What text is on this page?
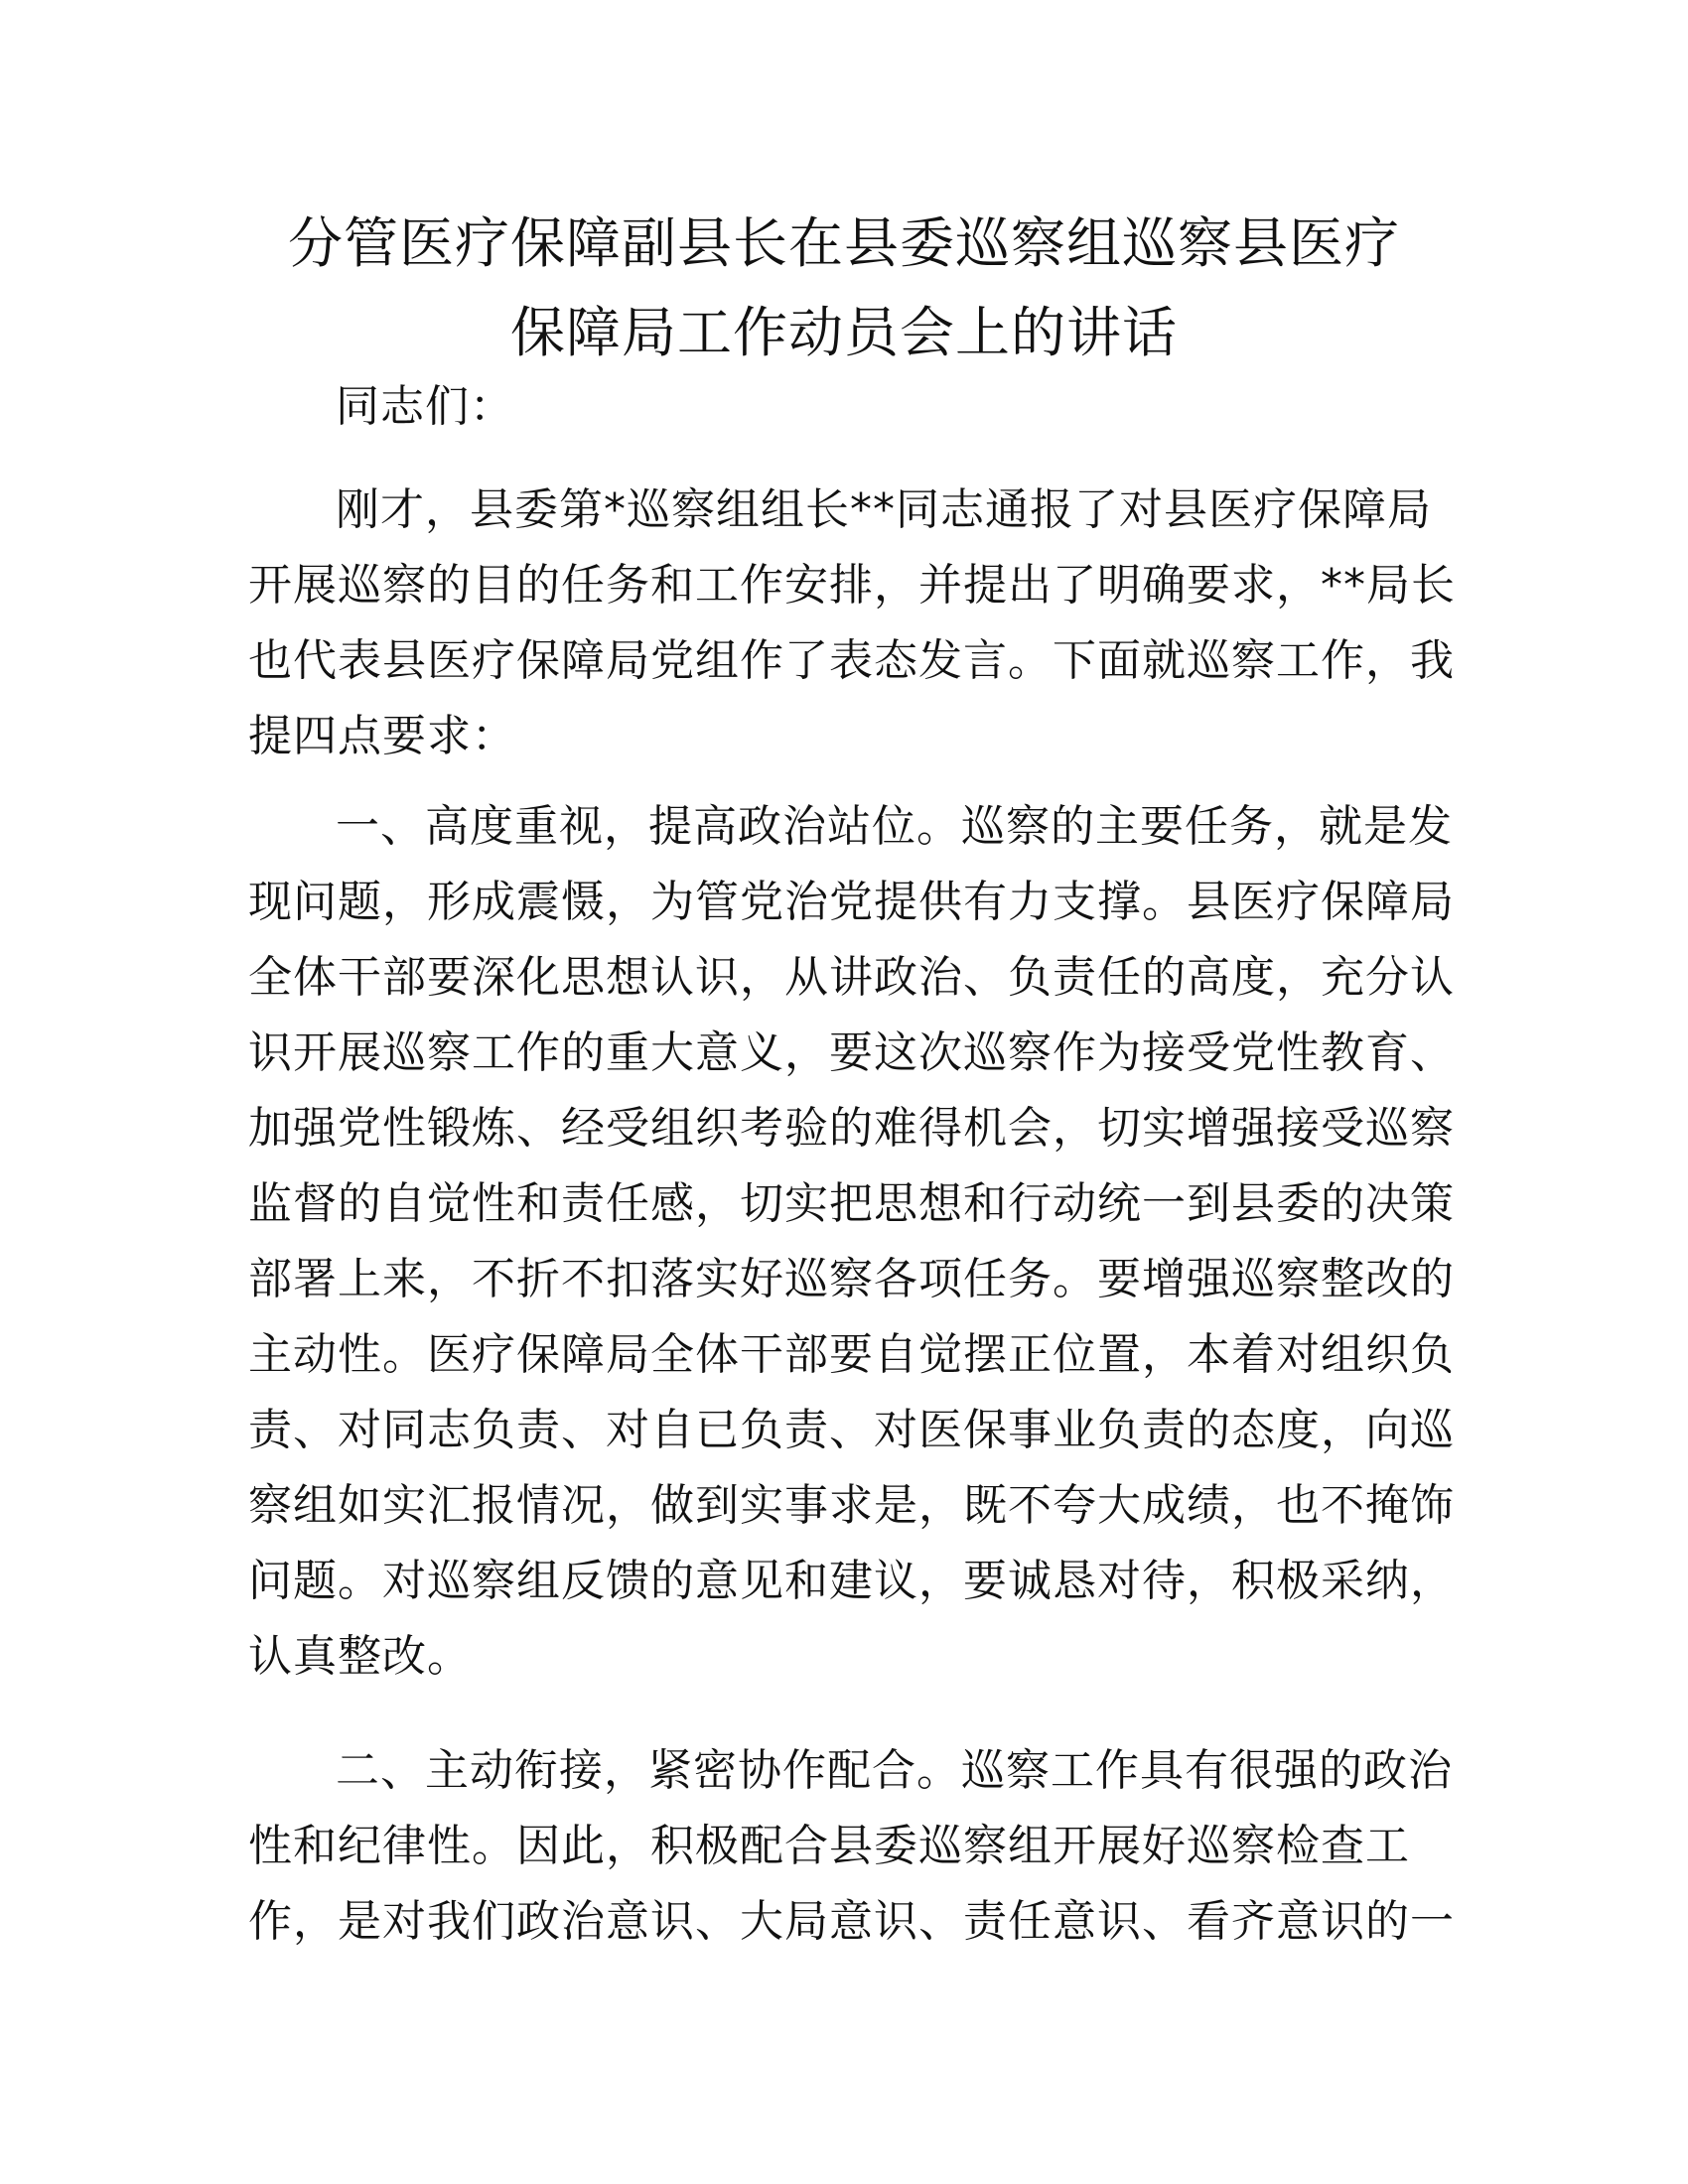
分管医疗保障副县长在县委巡察组巡察县医疗
保障局工作动员会上的讲话
同志们：
刚才，县委第*巡察组组长**同志通报了对县医疗保障局
开展巡察的目的任务和工作安排，并提出了明确要求，**局长
也代表县医疗保障局党组作了表态发言。下面就巡察工作，我
提四点要求：
一、高度重视，提高政治站位。巡察的主要任务，就是发
现问题，形成震慑，为管党治党提供有力支撑。县医疗保障局
全体干部要深化思想认识，从讲政治、负责任的高度，充分认
识开展巡察工作的重大意义，要这次巡察作为接受党性教育、
加强党性锻炼、经受组织考验的难得机会，切实增强接受巡察
监督的自觉性和责任感，切实把思想和行动统一到县委的决策
部署上来，不折不扣落实好巡察各项任务。要增强巡察整改的
主动性。医疗保障局全体干部要自觉摆正位置，本着对组织负
责、对同志负责、对自已负责、对医保事业负责的态度，向巡
察组如实汇报情况，做到实事求是，既不夸大成绩，也不掩饰
问题。对巡察组反馈的意见和建议，要诚恳对待，积极采纳，
认真整改。
二、主动衔接，紧密协作配合。巡察工作具有很强的政治
性和纪律性。因此，积极配合县委巡察组开展好巡察检查工
作，是对我们政治意识、大局意识、责任意识、看齐意识的一
